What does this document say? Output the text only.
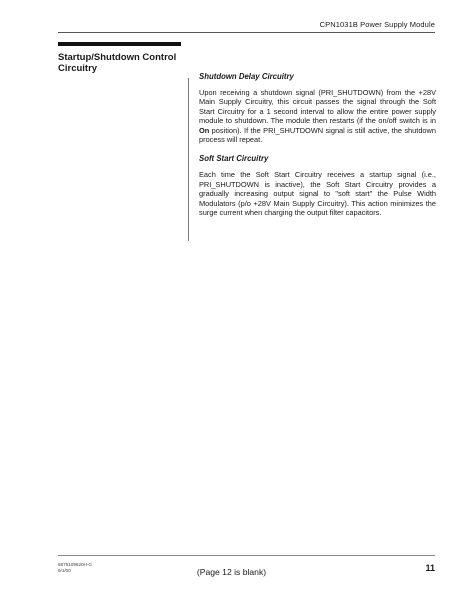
CPN1031B Power Supply Module
Startup/Shutdown Control Circuitry
Shutdown Delay Circuitry

Upon receiving a shutdown signal (PRI_SHUTDOWN) from the +28V Main Supply Circuitry, this circuit passes the signal through the Soft Start Circuitry for a 1 second interval to allow the entire power supply module to shutdown. The module then restarts (if the on/off switch is in On position). If the PRI_SHUTDOWN signal is still active, the shutdown process will repeat.

Soft Start Circuitry

Each time the Soft Start Circuitry receives a startup signal (i.e., PRI_SHUTDOWN is inactive), the Soft Start Circuitry provides a gradually increasing output signal to "soft start" the Pulse Width Modulators (p/o +28V Main Supply Circuitry). This action minimizes the surge current when charging the output filter capacitors.

6875109620H-G
9/1/00	(Page 12 is blank)	11
